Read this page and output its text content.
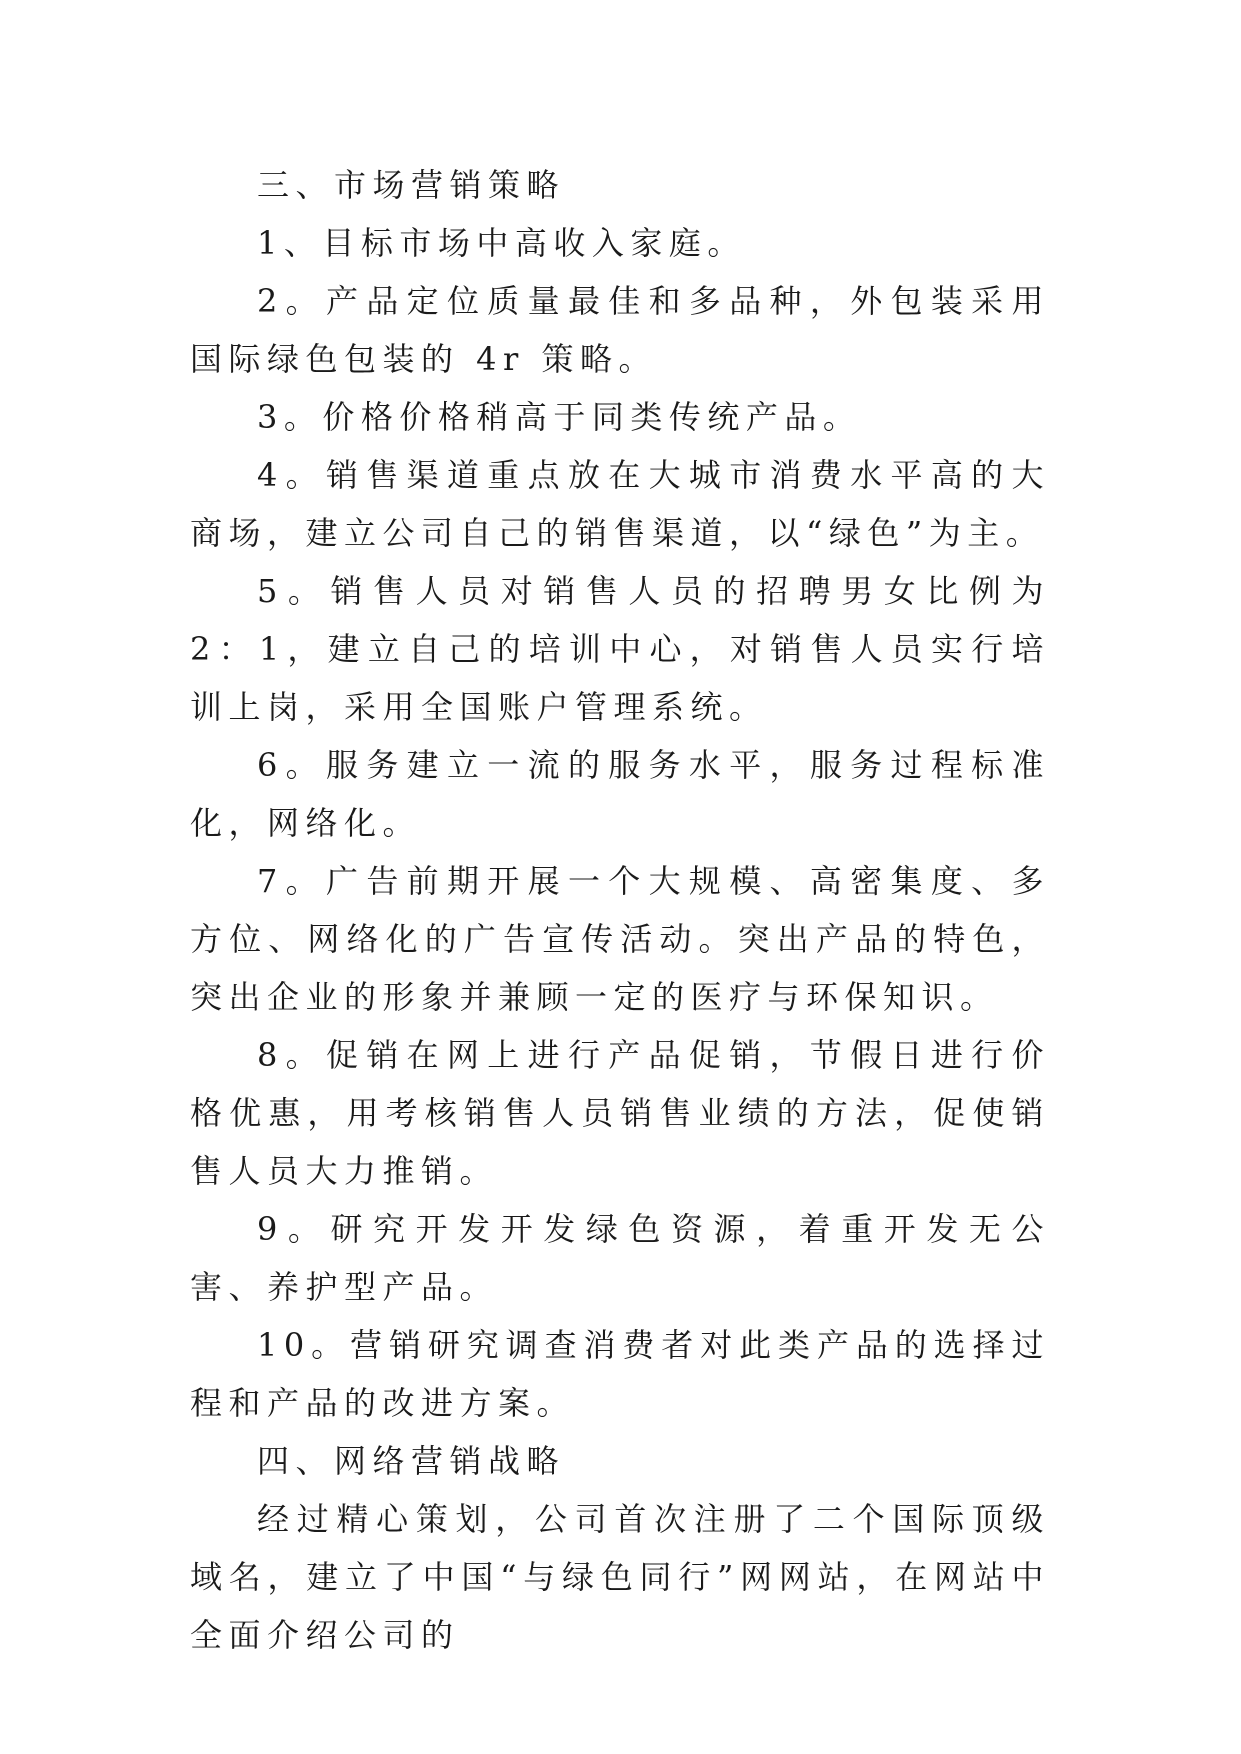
三、市场营销策略

1、目标市场中高收入家庭。

2。产品定位质量最佳和多品种，外包装采用国际绿色包装的 4r 策略。

3。价格价格稍高于同类传统产品。

4。销售渠道重点放在大城市消费水平高的大商场，建立公司自己的销售渠道，以“绿色”为主。

5。销售人员对销售人员的招聘男女比例为 2：1，建立自己的培训中心，对销售人员实行培训上岗，采用全国账户管理系统。

6。服务建立一流的服务水平，服务过程标准化，网络化。

7。广告前期开展一个大规模、高密集度、多方位、网络化的广告宣传活动。突出产品的特色，突出企业的形象并兼顾一定的医疗与环保知识。

8。促销在网上进行产品促销，节假日进行价格优惠，用考核销售人员销售业绩的方法，促使销售人员大力推销。

9。研究开发开发绿色资源，着重开发无公害、养护型产品。

10。营销研究调查消费者对此类产品的选择过程和产品的改进方案。

四、网络营销战略

经过精心策划，公司首次注册了二个国际顶级域名，建立了中国“与绿色同行”网网站，在网站中全面介绍公司的
